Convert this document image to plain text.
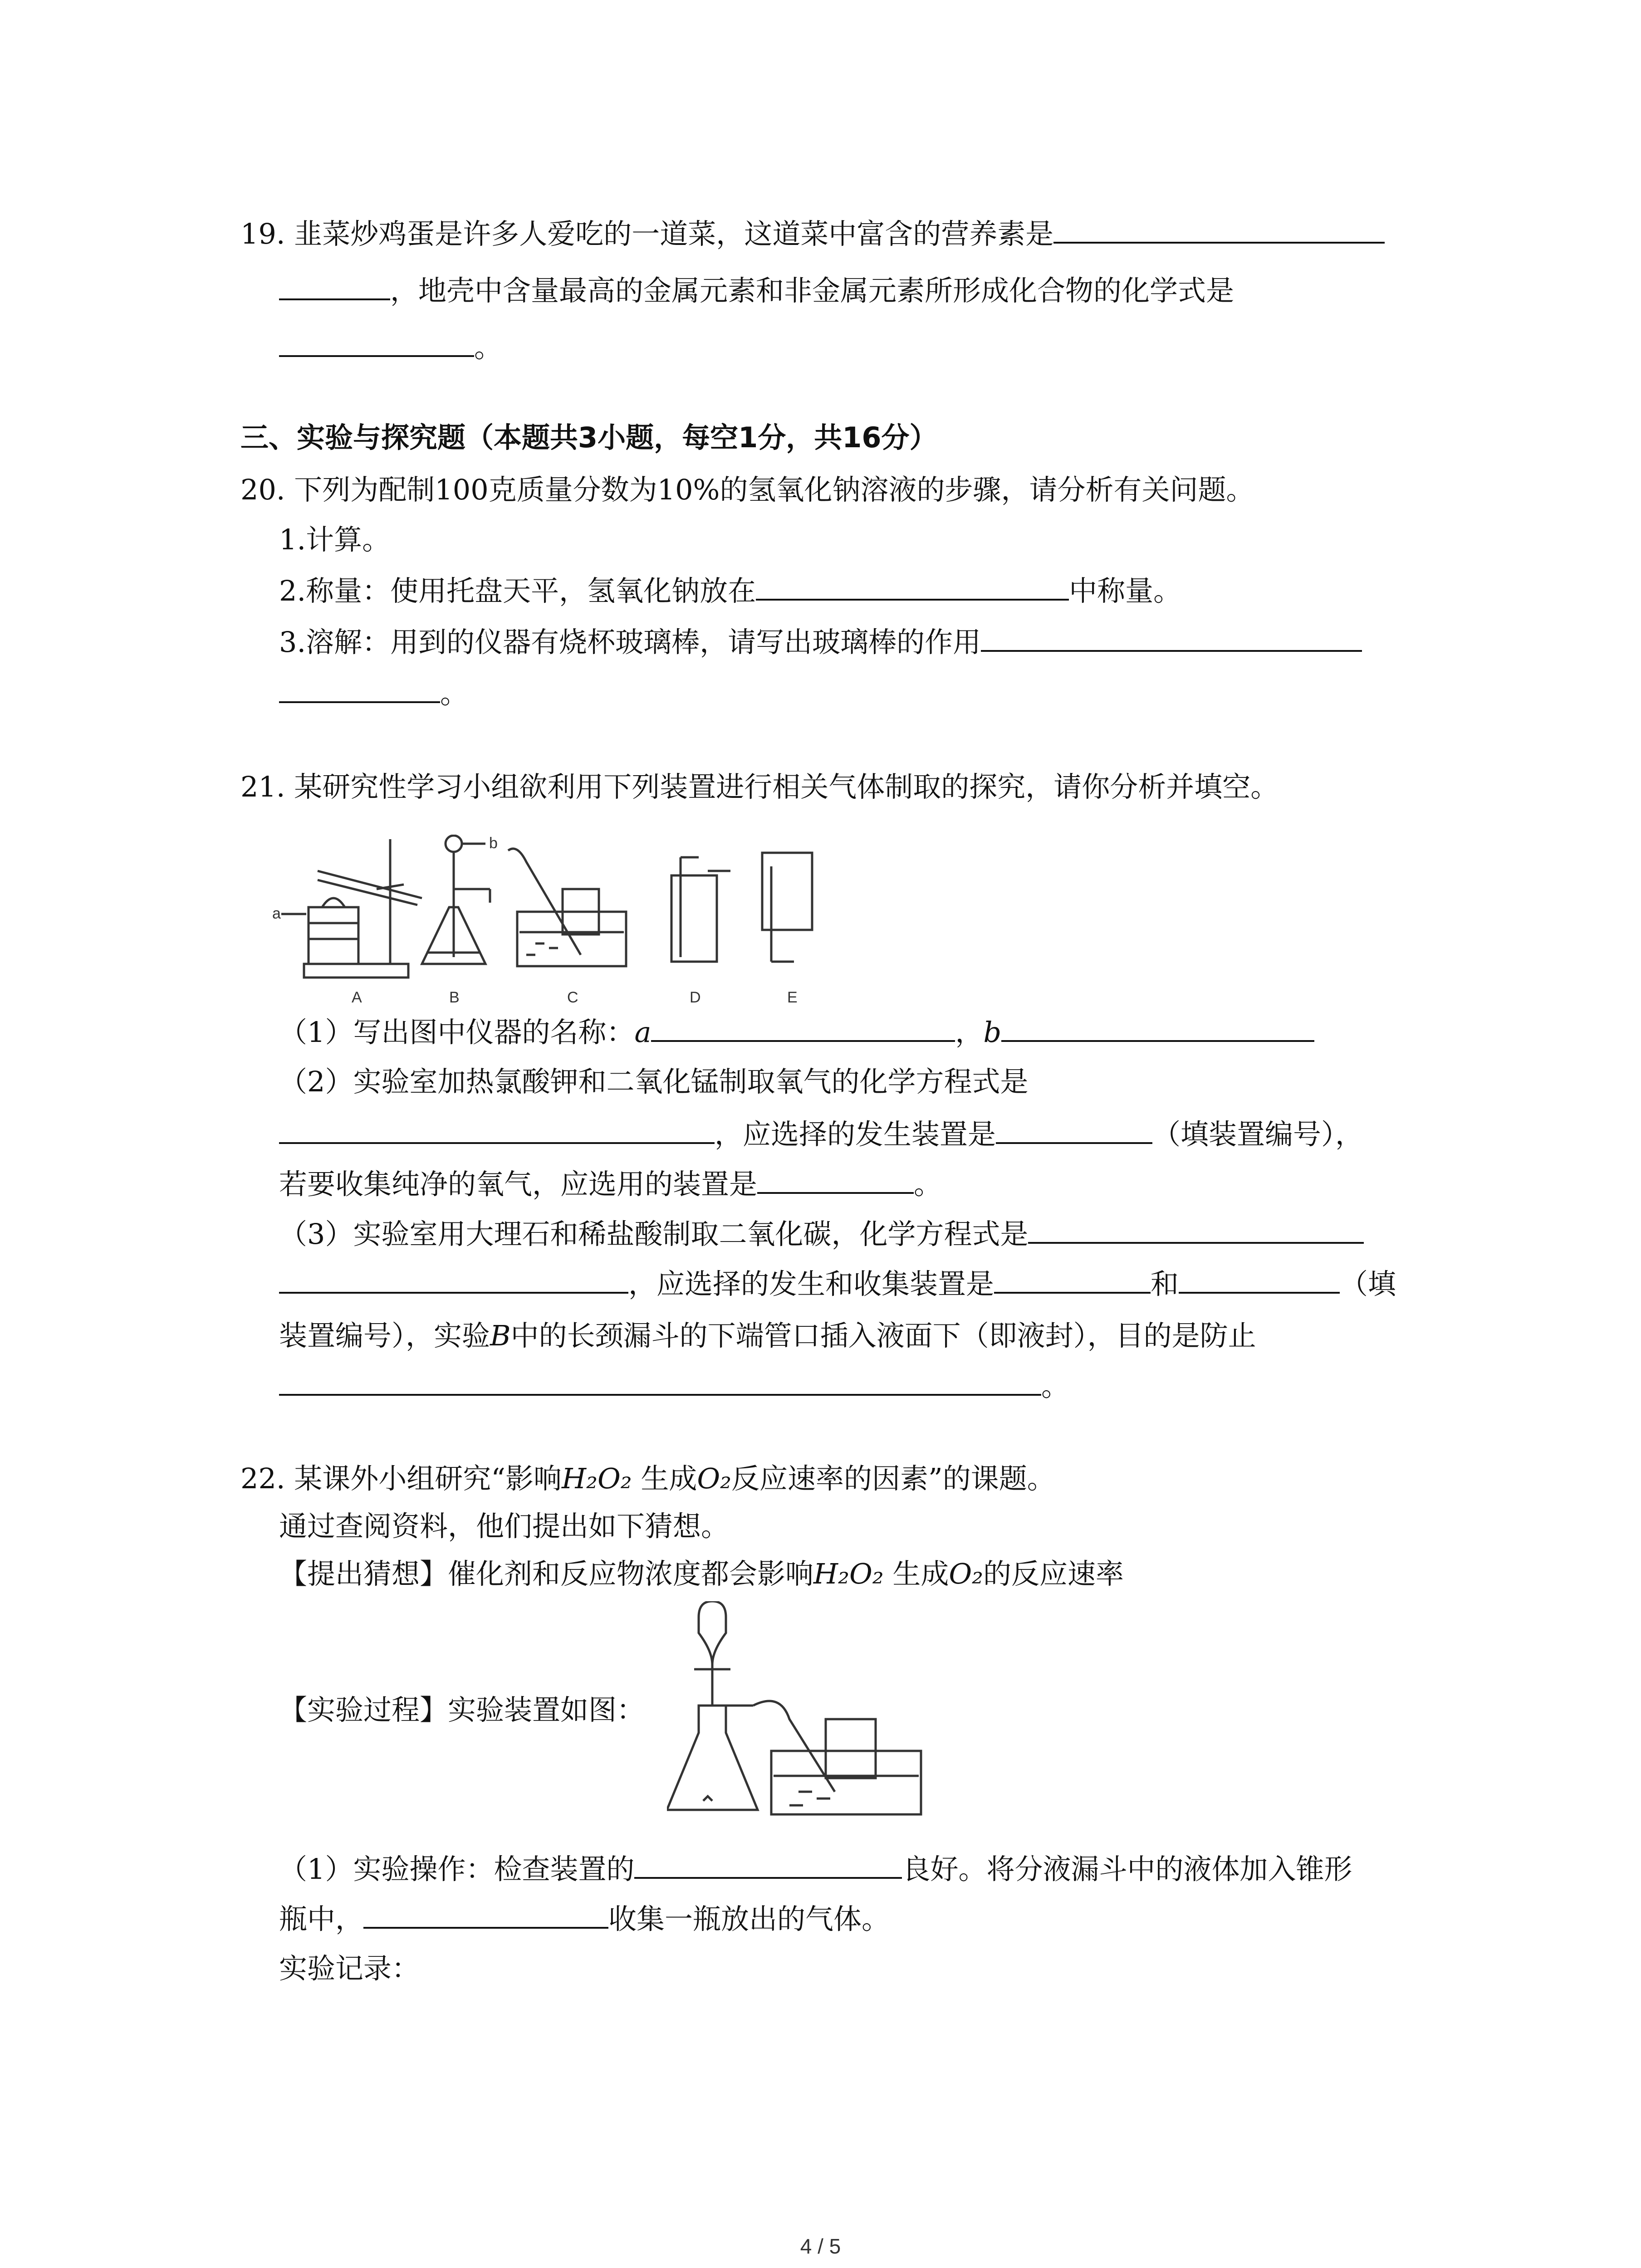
19. 韭菜炒鸡蛋是许多人爱吃的一道菜，这道菜中富含的营养素是
，地壳中含量最高的金属元素和非金属元素所形成化合物的化学式是
。
三、实验与探究题（本题共3小题，每空1分，共16分）
20. 下列为配制100克质量分数为10%的氢氧化钠溶液的步骤，请分析有关问题。
1.计算。
2.称量：使用托盘天平，氢氧化钠放在	中称量。
3.溶解：用到的仪器有烧杯玻璃棒，请写出玻璃棒的作用
。
21. 某研究性学习小组欲利用下列装置进行相关气体制取的探究，请你分析并填空。
a
b
A	B	C	D	E
（1）写出图中仪器的名称：a	，b
（2）实验室加热氯酸钾和二氧化锰制取氧气的化学方程式是
，应选择的发生装置是	（填装置编号），
若要收集纯净的氧气，应选用的装置是	。
（3）实验室用大理石和稀盐酸制取二氧化碳，化学方程式是
，应选择的发生和收集装置是	和	（填
装置编号），实验B中的长颈漏斗的下端管口插入液面下（即液封），目的是防止
。
22. 某课外小组研究“影响H₂O₂ 生成O₂反应速率的因素”的课题。
通过查阅资料，他们提出如下猜想。
【提出猜想】催化剂和反应物浓度都会影响H₂O₂ 生成O₂的反应速率
【实验过程】实验装置如图：
（1）实验操作：检查装置的	良好。将分液漏斗中的液体加入锥形
瓶中，	收集一瓶放出的气体。
实验记录：
4 / 5
